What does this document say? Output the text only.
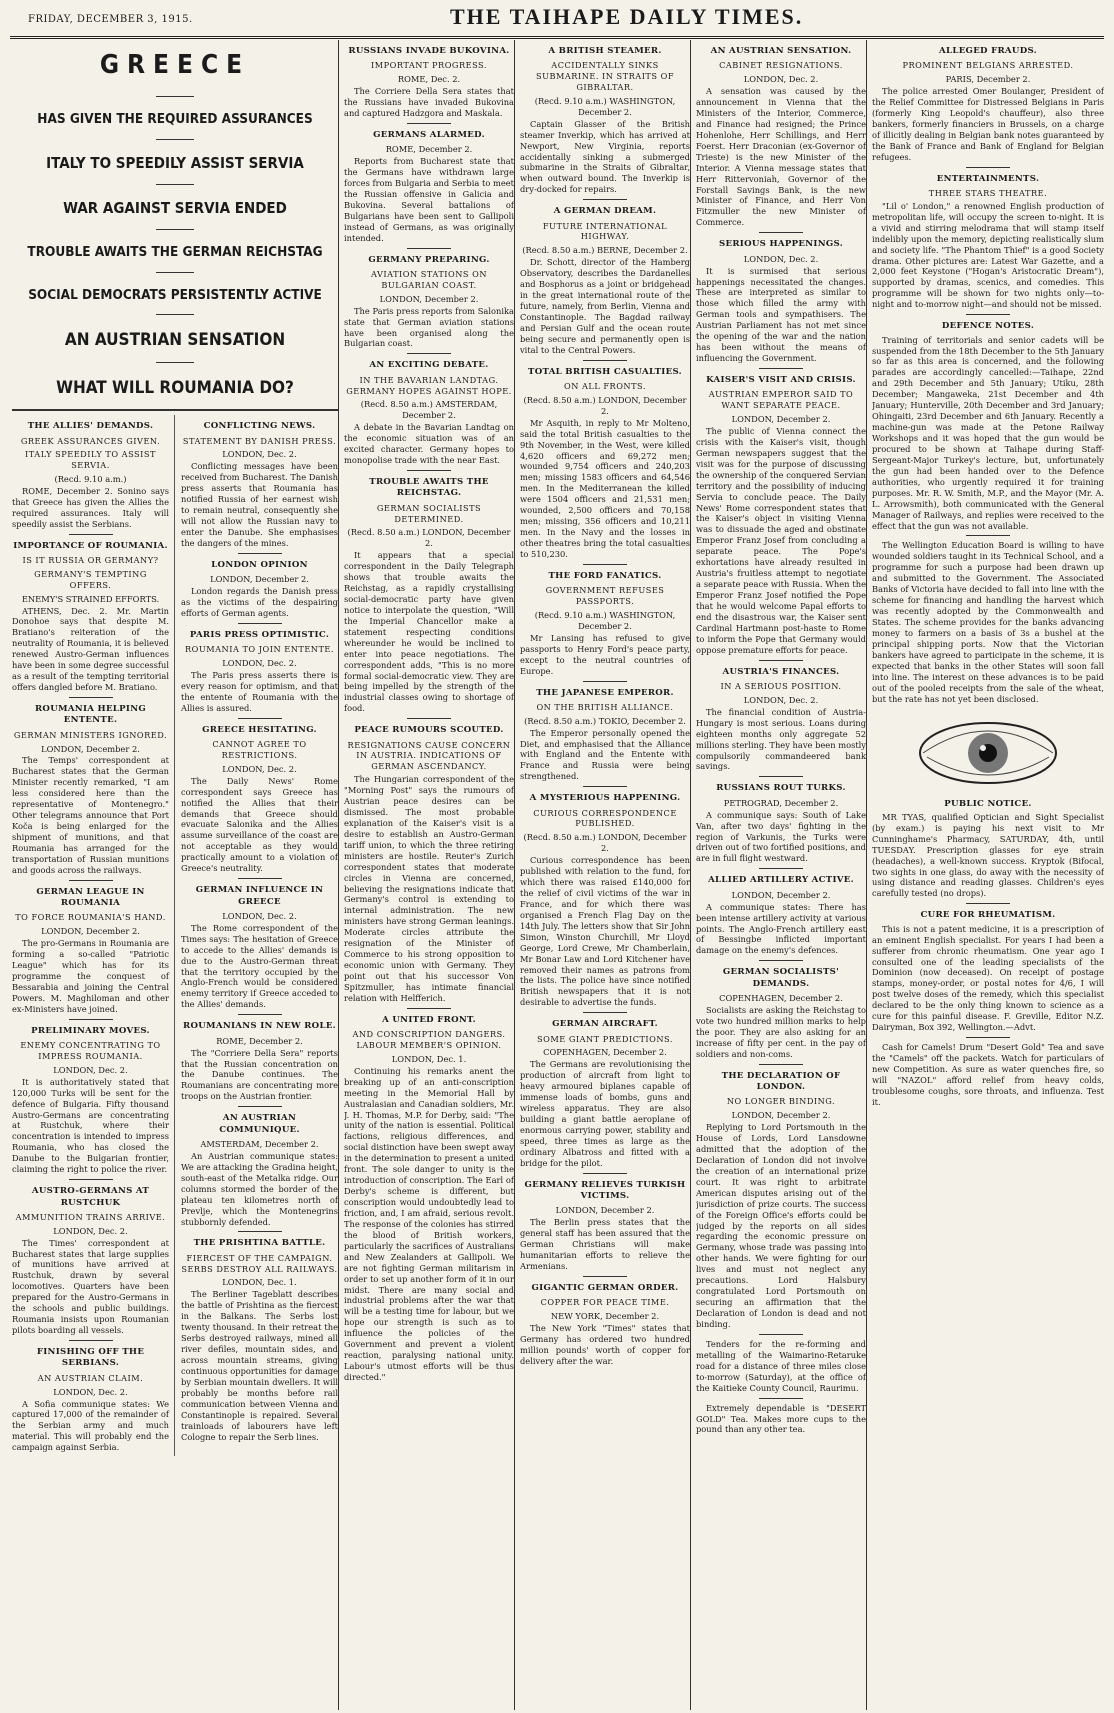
FRIDAY, DECEMBER 3, 1915.	THE TAIHAPE DAILY TIMES.
GREECE
HAS GIVEN THE REQUIRED ASSURANCES
ITALY TO SPEEDILY ASSIST SERVIA
WAR AGAINST SERVIA ENDED
TROUBLE AWAITS THE GERMAN REICHSTAG
SOCIAL DEMOCRATS PERSISTENTLY ACTIVE
AN AUSTRIAN SENSATION
WHAT WILL ROUMANIA DO?
THE ALLIES' DEMANDS.
GREEK ASSURANCES GIVEN.
ITALY SPEEDILY TO ASSIST SERVIA.
(Recd. 9.10 a.m.)

ROME, December 2. Sonino says that Greece has given the Allies the required assurances. Italy will speedily assist the Serbians.

IMPORTANCE OF ROUMANIA.
IS IT RUSSIA OR GERMANY?
GERMANY'S TEMPTING OFFERS.
ENEMY'S STRAINED EFFORTS.

ATHENS, Dec. 2. Mr. Martin Donohoe says that despite M. Bratiano's reiteration of the neutrality of Roumania, it is believed renewed Austro-German influences have been in some degree successful as a result of the tempting territorial offers dangled before M. Bratiano.

ROUMANIA HELPING ENTENTE.
GERMAN MINISTERS IGNORED.
LONDON, December 2.

The Temps' correspondent at Bucharest states that the German Minister recently remarked, "I am less considered here than the representative of Montenegro." Other telegrams announce that Port Koča is being enlarged for the shipment of munitions, and that Roumania has arranged for the transportation of Russian munitions and goods across the railways.

GERMAN LEAGUE IN ROUMANIA
TO FORCE ROUMANIA'S HAND.
LONDON, December 2.

The pro-Germans in Roumania are forming a so-called "Patriotic League" which has for its programme the conquest of Bessarabia and joining the Central Powers. M. Maghiloman and other ex-Ministers have joined.

PRELIMINARY MOVES.
ENEMY CONCENTRATING TO IMPRESS ROUMANIA.
LONDON, Dec. 2.

It is authoritatively stated that 120,000 Turks will be sent for the defence of Bulgaria. Fifty thousand Austro-Germans are concentrating at Rustchuk, where their concentration is intended to impress Roumania, who has closed the Danube to the Bulgarian frontier, claiming the right to police the river.

AUSTRO-GERMANS AT RUSTCHUK
AMMUNITION TRAINS ARRIVE.
LONDON, Dec. 2.

The Times' correspondent at Bucharest states that large supplies of munitions have arrived at Rustchuk, drawn by several locomotives. Quarters have been prepared for the Austro-Germans in the schools and public buildings. Roumania insists upon Roumanian pilots boarding all vessels.

FINISHING OFF THE SERBIANS.
AN AUSTRIAN CLAIM.
LONDON, Dec. 2.

A Sofia communique states: We captured 17,000 of the remainder of the Serbian army and much material. This will probably end the campaign against Serbia.

CONFLICTING NEWS.
STATEMENT BY DANISH PRESS.
LONDON, Dec. 2.

Conflicting messages have been received from Bucharest. The Danish press asserts that Roumania has notified Russia of her earnest wish to remain neutral, consequently she will not allow the Russian navy to enter the Danube. She emphasises the dangers of the mines.

LONDON OPINION
LONDON, December 2.

London regards the Danish press as the victims of the despairing efforts of German agents.

PARIS PRESS OPTIMISTIC.
ROUMANIA TO JOIN ENTENTE.
LONDON, Dec. 2.

The Paris press asserts there is every reason for optimism, and that the entente of Roumania with the Allies is assured.

GREECE HESITATING.
CANNOT AGREE TO RESTRICTIONS.
LONDON, Dec. 2.

The Daily News' Rome correspondent says Greece has notified the Allies that their demands that Greece should evacuate Salonika and the Allies assume surveillance of the coast are not acceptable as they would practically amount to a violation of Greece's neutrality.

GERMAN INFLUENCE IN GREECE
LONDON, Dec. 2.

The Rome correspondent of the Times says: The hesitation of Greece to accede to the Allies' demands is due to the Austro-German threat that the territory occupied by the Anglo-French would be considered enemy territory if Greece acceded to the Allies' demands.

ROUMANIANS IN NEW ROLE.
ROME, December 2.

The "Corriere Della Sera" reports that the Russian concentration on the Danube continues. The Roumanians are concentrating more troops on the Austrian frontier.

AN AUSTRIAN COMMUNIQUE.
AMSTERDAM, December 2.

An Austrian communique states: We are attacking the Gradina height, south-east of the Metalka ridge. Our columns stormed the border of the plateau ten kilometres north of Prevlje, which the Montenegrins stubbornly defended.

THE PRISHTINA BATTLE.
FIERCEST OF THE CAMPAIGN. SERBS DESTROY ALL RAILWAYS.
LONDON, Dec. 1.

The Berliner Tageblatt describes the battle of Prishtina as the fiercest in the Balkans. The Serbs lost twenty thousand. In their retreat the Serbs destroyed railways, mined all river defiles, mountain sides, and across mountain streams, giving continuous opportunities for damage by Serbian mountain dwellers. It will probably be months before rail communication between Vienna and Constantinople is repaired. Several trainloads of labourers have left Cologne to repair the Serb lines.

RUSSIANS INVADE BUKOVINA.
IMPORTANT PROGRESS.
ROME, Dec. 2.

The Corriere Della Sera states that the Russians have invaded Bukovina and captured Hadzgora and Maskala.

GERMANS ALARMED.
ROME, December 2.

Reports from Bucharest state that the Germans have withdrawn large forces from Bulgaria and Serbia to meet the Russian offensive in Galicia and Bukovina. Several battalions of Bulgarians have been sent to Gallipoli instead of Germans, as was originally intended.

GERMANY PREPARING.
AVIATION STATIONS ON BULGARIAN COAST.
LONDON, December 2.

The Paris press reports from Salonika state that German aviation stations have been organised along the Bulgarian coast.

AN EXCITING DEBATE.
IN THE BAVARIAN LANDTAG. GERMANY HOPES AGAINST HOPE.
(Recd. 8.50 a.m.) AMSTERDAM, December 2.

A debate in the Bavarian Landtag on the economic situation was of an excited character. Germany hopes to monopolise trade with the near East.

TROUBLE AWAITS THE REICHSTAG.
GERMAN SOCIALISTS DETERMINED.
(Recd. 8.50 a.m.) LONDON, December 2.

It appears that a special correspondent in the Daily Telegraph shows that trouble awaits the Reichstag, as a rapidly crystallising social-democratic party have given notice to interpolate the question, "Will the Imperial Chancellor make a statement respecting conditions whereunder he would be inclined to enter into peace negotiations. The correspondent adds, "This is no more formal social-democratic view. They are being impelled by the strength of the industrial classes owing to shortage of food.

PEACE RUMOURS SCOUTED.
RESIGNATIONS CAUSE CONCERN IN AUSTRIA. INDICATIONS OF GERMAN ASCENDANCY.

The Hungarian correspondent of the "Morning Post" says the rumours of Austrian peace desires can be dismissed. The most probable explanation of the Kaiser's visit is a desire to establish an Austro-German tariff union, to which the three retiring ministers are hostile. Reuter's Zurich correspondent states that moderate circles in Vienna are concerned, believing the resignations indicate that Germany's control is extending to internal administration. The new ministers have strong German leanings. Moderate circles attribute the resignation of the Minister of Commerce to his strong opposition to economic union with Germany. They point out that his successor Von Spitzmuller, has intimate financial relation with Helfferich.

A UNITED FRONT.
AND CONSCRIPTION DANGERS. LABOUR MEMBER'S OPINION.
LONDON, Dec. 1.

Continuing his remarks anent the breaking up of an anti-conscription meeting in the Memorial Hall by Australasian and Canadian soldiers, Mr. J. H. Thomas, M.P. for Derby, said: "The unity of the nation is essential. Political factions, religious differences, and social distinction have been swept away in the determination to present a united front. The sole danger to unity is the introduction of conscription. The Earl of Derby's scheme is different, but conscription would undoubtedly lead to friction, and, I am afraid, serious revolt. The response of the colonies has stirred the blood of British workers, particularly the sacrifices of Australians and New Zealanders at Gallipoli. We are not fighting German militarism in order to set up another form of it in our midst. There are many social and industrial problems after the war that will be a testing time for labour, but we hope our strength is such as to influence the policies of the Government and prevent a violent reaction, paralysing national unity. Labour's utmost efforts will be thus directed."

A BRITISH STEAMER.
ACCIDENTALLY SINKS SUBMARINE. IN STRAITS OF GIBRALTAR.
(Recd. 9.10 a.m.) WASHINGTON, December 2.

Captain Glasser of the British steamer Inverkip, which has arrived at Newport, New Virginia, reports accidentally sinking a submerged submarine in the Straits of Gibraltar, when outward bound. The Inverkip is dry-docked for repairs.

A GERMAN DREAM.
FUTURE INTERNATIONAL HIGHWAY.
(Recd. 8.50 a.m.) BERNE, December 2.

Dr. Schott, director of the Hamberg Observatory, describes the Dardanelles and Bosphorus as a joint or bridgehead in the great international route of the future, namely, from Berlin, Vienna and Constantinople. The Bagdad railway and Persian Gulf and the ocean route being secure and permanently open is vital to the Central Powers.

TOTAL BRITISH CASUALTIES.
ON ALL FRONTS.
(Recd. 8.50 a.m.) LONDON, December 2.

Mr Asquith, in reply to Mr Molteno, said the total British casualties to the 9th November, in the West, were killed 4,620 officers and 69,272 men; wounded 9,754 officers and 240,203 men; missing 1583 officers and 64,546 men. In the Mediterranean the killed were 1504 officers and 21,531 men; wounded, 2,500 officers and 70,158 men; missing, 356 officers and 10,211 men. In the Navy and the losses in other theatres bring the total casualties to 510,230.

THE FORD FANATICS.
GOVERNMENT REFUSES PASSPORTS.
(Recd. 9.10 a.m.) WASHINGTON, December 2.

Mr Lansing has refused to give passports to Henry Ford's peace party, except to the neutral countries of Europe.

THE JAPANESE EMPEROR.
ON THE BRITISH ALLIANCE.
(Recd. 8.50 a.m.) TOKIO, December 2.

The Emperor personally opened the Diet, and emphasised that the Alliance with England and the Entente with France and Russia were being strengthened.

A MYSTERIOUS HAPPENING.
CURIOUS CORRESPONDENCE PUBLISHED.
(Recd. 8.50 a.m.) LONDON, December 2.

Curious correspondence has been published with relation to the fund, for which there was raised £140,000 for the relief of civil victims of the war in France, and for which there was organised a French Flag Day on the 14th July. The letters show that Sir John Simon, Winston Churchill, Mr Lloyd George, Lord Crewe, Mr Chamberlain, Mr Bonar Law and Lord Kitchener have removed their names as patrons from the lists. The police have since notified British newspapers that it is not desirable to advertise the funds.

GERMAN AIRCRAFT.
SOME GIANT PREDICTIONS.
COPENHAGEN, December 2.

The Germans are revolutionising the production of aircraft from light to heavy armoured biplanes capable of immense loads of bombs, guns and wireless apparatus. They are also building a giant battle aeroplane of enormous carrying power, stability and speed, three times as large as the ordinary Albatross and fitted with a bridge for the pilot.

GERMANY RELIEVES TURKISH VICTIMS.
LONDON, December 2.

The Berlin press states that the general staff has been assured that the German Christians will make humanitarian efforts to relieve the Armenians.

GIGANTIC GERMAN ORDER.
COPPER FOR PEACE TIME.
NEW YORK, December 2.

The New York "Times" states that Germany has ordered two hundred million pounds' worth of copper for delivery after the war.

AN AUSTRIAN SENSATION.
CABINET RESIGNATIONS.
LONDON, Dec. 2.

A sensation was caused by the announcement in Vienna that the Ministers of the Interior, Commerce, and Finance had resigned; the Prince Hohenlohe, Herr Schillings, and Herr Foerst. Herr Draconian (ex-Governor of Trieste) is the new Minister of the Interior. A Vienna message states that Herr Rittervoniah, Governor of the Forstall Savings Bank, is the new Minister of Finance, and Herr Von Fitzmuller the new Minister of Commerce.

SERIOUS HAPPENINGS.
LONDON, Dec. 2.

It is surmised that serious happenings necessitated the changes. These are interpreted as similar to those which filled the army with German tools and sympathisers. The Austrian Parliament has not met since the opening of the war and the nation has been without the means of influencing the Government.

KAISER'S VISIT AND CRISIS.
AUSTRIAN EMPEROR SAID TO WANT SEPARATE PEACE.
LONDON, December 2.

The public of Vienna connect the crisis with the Kaiser's visit, though German newspapers suggest that the visit was for the purpose of discussing the ownership of the conquered Servian territory and the possibility of inducing Servia to conclude peace. The Daily News' Rome correspondent states that the Kaiser's object in visiting Vienna was to dissuade the aged and obstinate Emperor Franz Josef from concluding a separate peace. The Pope's exhortations have already resulted in Austria's fruitless attempt to negotiate a separate peace with Russia. When the Emperor Franz Josef notified the Pope that he would welcome Papal efforts to end the disastrous war, the Kaiser sent Cardinal Hartmann post-haste to Rome to inform the Pope that Germany would oppose premature efforts for peace.

AUSTRIA'S FINANCES.
IN A SERIOUS POSITION.
LONDON, Dec. 2.

The financial condition of Austria-Hungary is most serious. Loans during eighteen months only aggregate 52 millions sterling. They have been mostly compulsorily commandeered bank savings.

RUSSIANS ROUT TURKS.
PETROGRAD, December 2.

A communique says: South of Lake Van, after two days' fighting in the region of Varkunis, the Turks were driven out of two fortified positions, and are in full flight westward.

ALLIED ARTILLERY ACTIVE.
LONDON, December 2.

A communique states: There has been intense artillery activity at various points. The Anglo-French artillery east of Bessingbe inflicted important damage on the enemy's defences.

GERMAN SOCIALISTS' DEMANDS.
COPENHAGEN, December 2.

Socialists are asking the Reichstag to vote two hundred million marks to help the poor. They are also asking for an increase of fifty per cent. in the pay of soldiers and non-coms.

THE DECLARATION OF LONDON.
NO LONGER BINDING.
LONDON, December 2.

Replying to Lord Portsmouth in the House of Lords, Lord Lansdowne admitted that the adoption of the Declaration of London did not involve the creation of an international prize court. It was right to arbitrate American disputes arising out of the jurisdiction of prize courts. The success of the Foreign Office's efforts could be judged by the reports on all sides regarding the economic pressure on Germany, whose trade was passing into other hands. We were fighting for our lives and must not neglect any precautions. Lord Halsbury congratulated Lord Portsmouth on securing an affirmation that the Declaration of London is dead and not binding.

Tenders for the re-forming and metalling of the Waimarino-Retaruke road for a distance of three miles close to-morrow (Saturday), at the office of the Kaitieke County Council, Raurimu.

Extremely dependable is "DESERT GOLD" Tea. Makes more cups to the pound than any other tea.

ALLEGED FRAUDS.
PROMINENT BELGIANS ARRESTED.
PARIS, December 2.

The police arrested Omer Boulanger, President of the Relief Committee for Distressed Belgians in Paris (formerly King Leopold's chauffeur), also three bankers, formerly financiers in Brussels, on a charge of illicitly dealing in Belgian bank notes guaranteed by the Bank of France and Bank of England for Belgian refugees.

ENTERTAINMENTS.
THREE STARS THEATRE.

"Lil o' London," a renowned English production of metropolitan life, will occupy the screen to-night. It is a vivid and stirring melodrama that will stamp itself indelibly upon the memory, depicting realistically slum and society life. "The Phantom Thief" is a good Society drama. Other pictures are: Latest War Gazette, and a 2,000 feet Keystone ("Hogan's Aristocratic Dream"), supported by dramas, scenics, and comedies. This programme will be shown for two nights only—to-night and to-morrow night—and should not be missed.

DEFENCE NOTES.

Training of territorials and senior cadets will be suspended from the 18th December to the 5th January so far as this area is concerned, and the following parades are accordingly cancelled:—Taihape, 22nd and 29th December and 5th January; Utiku, 28th December; Mangaweka, 21st December and 4th January; Hunterville, 20th December and 3rd January; Ohingaiti, 23rd December and 6th January. Recently a machine-gun was made at the Petone Railway Workshops and it was hoped that the gun would be procured to be shown at Taihape during Staff-Sergeant-Major Turkey's lecture, but, unfortunately the gun had been handed over to the Defence authorities, who urgently required it for training purposes. Mr. R. W. Smith, M.P., and the Mayor (Mr. A. L. Arrowsmith), both communicated with the General Manager of Railways, and replies were received to the effect that the gun was not available.

The Wellington Education Board is willing to have wounded soldiers taught in its Technical School, and a programme for such a purpose had been drawn up and submitted to the Government. The Associated Banks of Victoria have decided to fall into line with the scheme for financing and handling the harvest which was recently adopted by the Commonwealth and States. The scheme provides for the banks advancing money to farmers on a basis of 3s a bushel at the principal shipping ports. Now that the Victorian bankers have agreed to participate in the scheme, it is expected that banks in the other States will soon fall into line. The interest on these advances is to be paid out of the pooled receipts from the sale of the wheat, but the rate has not yet been disclosed.

PUBLIC NOTICE.

MR TYAS, qualified Optician and Sight Specialist (by exam.) is paying his next visit to Mr Cunninghame's Pharmacy, SATURDAY, 4th, until TUESDAY. Prescription glasses for eye strain (headaches), a well-known success. Kryptok (Bifocal, two sights in one glass, do away with the necessity of using distance and reading glasses. Children's eyes carefully tested (no drops).

CURE FOR RHEUMATISM.

This is not a patent medicine, it is a prescription of an eminent English specialist. For years I had been a sufferer from chronic rheumatism. One year ago I consulted one of the leading specialists of the Dominion (now deceased). On receipt of postage stamps, money-order, or postal notes for 4/6, I will post twelve doses of the remedy, which this specialist declared to be the only thing known to science as a cure for this painful disease. F. Greville, Editor N.Z. Dairyman, Box 392, Wellington.—Advt.

Cash for Camels! Drum "Desert Gold" Tea and save the "Camels" off the packets. Watch for particulars of new Competition. As sure as water quenches fire, so will "NAZOL" afford relief from heavy colds, troublesome coughs, sore throats, and influenza. Test it.
